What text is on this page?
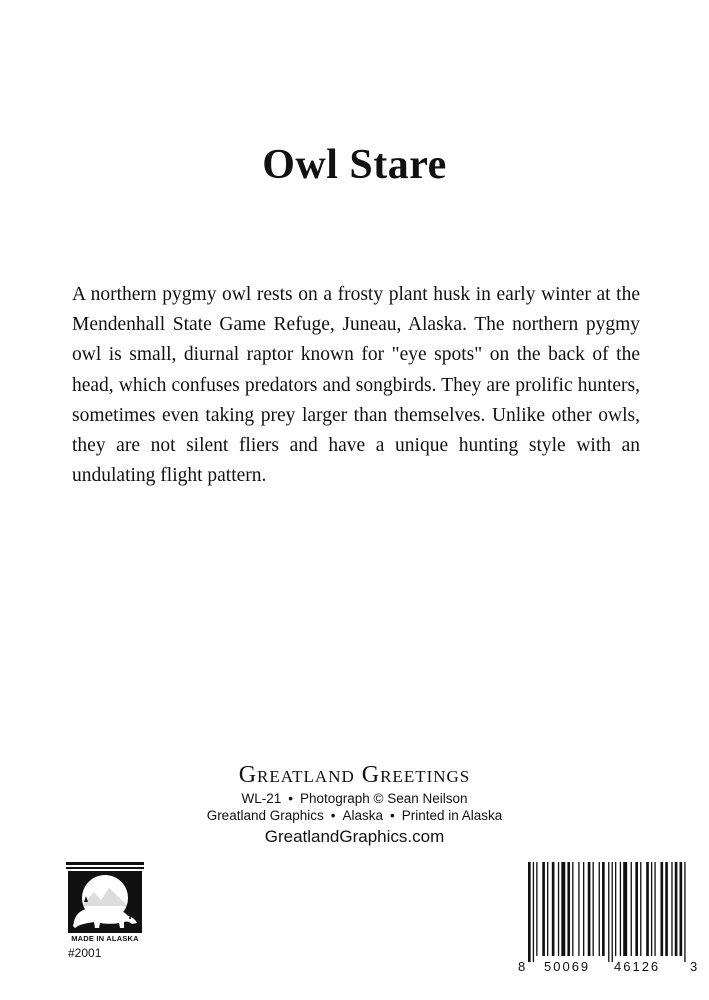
Owl Stare

A northern pygmy owl rests on a frosty plant husk in early winter at the Mendenhall State Game Refuge, Juneau, Alaska. The northern pygmy owl is small, diurnal raptor known for "eye spots" on the back of the head, which confuses predators and songbirds. They are prolific hunters, sometimes even taking prey larger than themselves. Unlike other owls, they are not silent fliers and have a unique hunting style with an undulating flight pattern.

Greatland Greetings
WL-21 • Photograph © Sean Neilson
Greatland Graphics • Alaska • Printed in Alaska
GreatlandGraphics.com
MADE IN ALASKA
#2001
8 50069 46126 3
